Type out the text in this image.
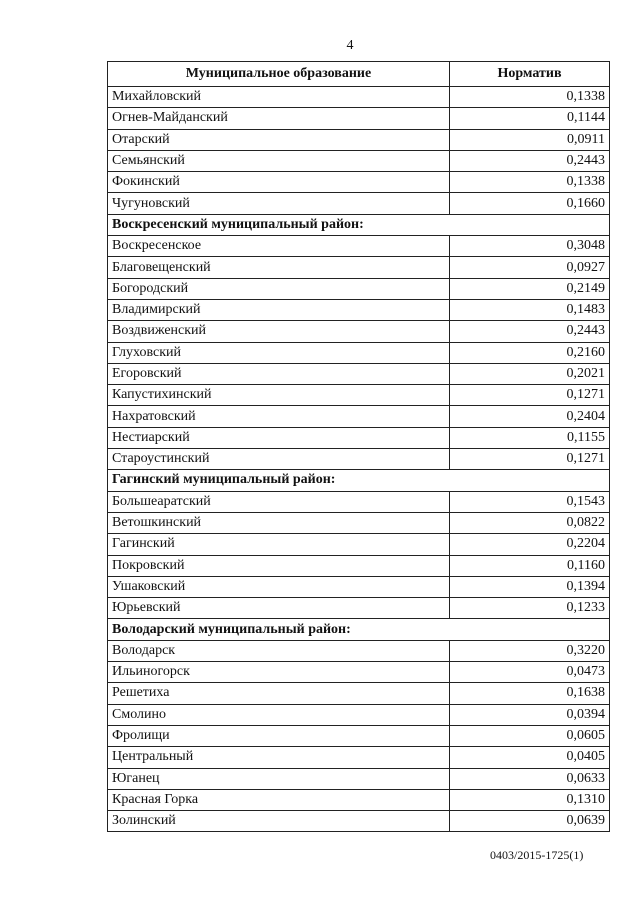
4
Муниципальное образование	Норматив
Михайловский	0,1338
Огнев-Майданский	0,1144
Отарский	0,0911
Семьянский	0,2443
Фокинский	0,1338
Чугуновский	0,1660
Воскресенский муниципальный район:	
Воскресенское	0,3048
Благовещенский	0,0927
Богородский	0,2149
Владимирский	0,1483
Воздвиженский	0,2443
Глуховский	0,2160
Егоровский	0,2021
Капустихинский	0,1271
Нахратовский	0,2404
Нестиарский	0,1155
Староустинский	0,1271
Гагинский муниципальный район:	
Большеаратский	0,1543
Ветошкинский	0,0822
Гагинский	0,2204
Покровский	0,1160
Ушаковский	0,1394
Юрьевский	0,1233
Володарский муниципальный район:	
Володарск	0,3220
Ильиногорск	0,0473
Решетиха	0,1638
Смолино	0,0394
Фролищи	0,0605
Центральный	0,0405
Юганец	0,0633
Красная Горка	0,1310
Золинский	0,0639
0403/2015-1725(1)
